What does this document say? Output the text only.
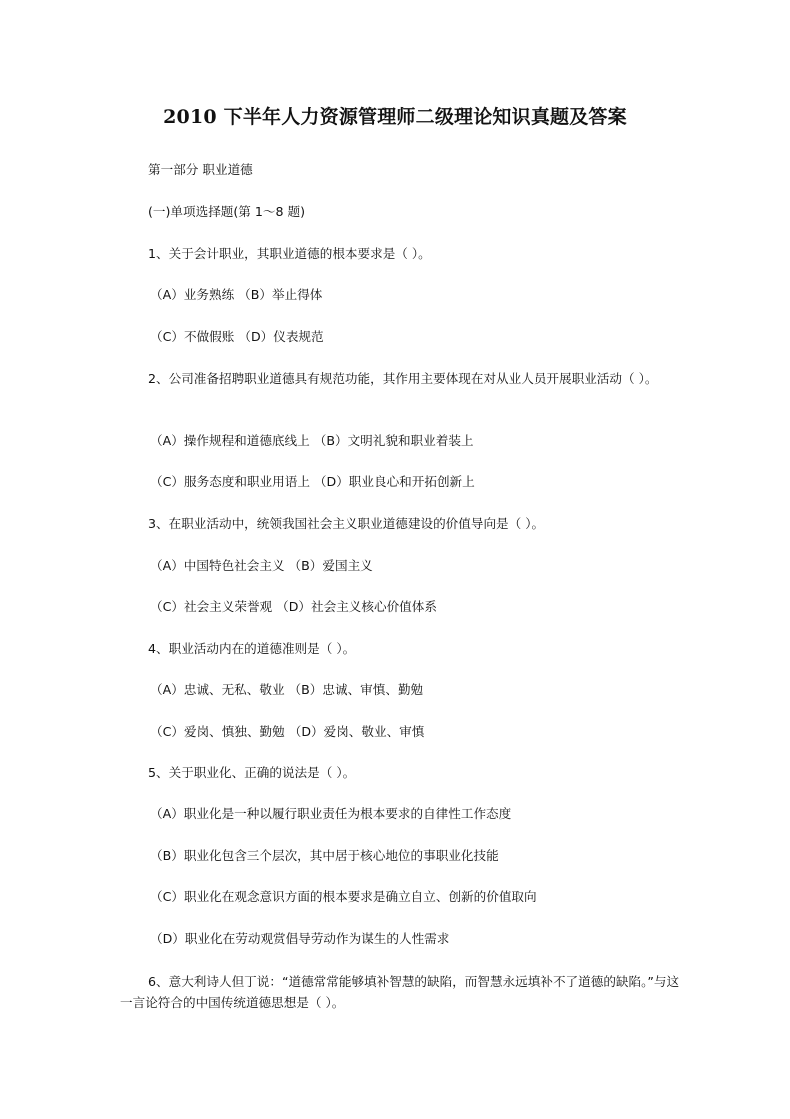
2010 下半年人力资源管理师二级理论知识真题及答案
第一部分 职业道德
(一)单项选择题(第 1～8 题)
1、关于会计职业，其职业道德的根本要求是（ ）。
（A）业务熟练 （B）举止得体
（C）不做假账 （D）仪表规范
2、公司准备招聘职业道德具有规范功能，其作用主要体现在对从业人员开展职业活动（ ）。
（A）操作规程和道德底线上 （B）文明礼貌和职业着装上
（C）服务态度和职业用语上 （D）职业良心和开拓创新上
3、在职业活动中，统领我国社会主义职业道德建设的价值导向是（ ）。
（A）中国特色社会主义 （B）爱国主义
（C）社会主义荣誉观 （D）社会主义核心价值体系
4、职业活动内在的道德准则是（ ）。
（A）忠诚、无私、敬业 （B）忠诚、审慎、勤勉
（C）爱岗、慎独、勤勉 （D）爱岗、敬业、审慎
5、关于职业化、正确的说法是（ ）。
（A）职业化是一种以履行职业责任为根本要求的自律性工作态度
（B）职业化包含三个层次，其中居于核心地位的事职业化技能
（C）职业化在观念意识方面的根本要求是确立自立、创新的价值取向
（D）职业化在劳动观赏倡导劳动作为谋生的人性需求
6、意大利诗人但丁说：“道德常常能够填补智慧的缺陷，而智慧永远填补不了道德的缺陷。”与这一言论符合的中国传统道德思想是（ ）。
